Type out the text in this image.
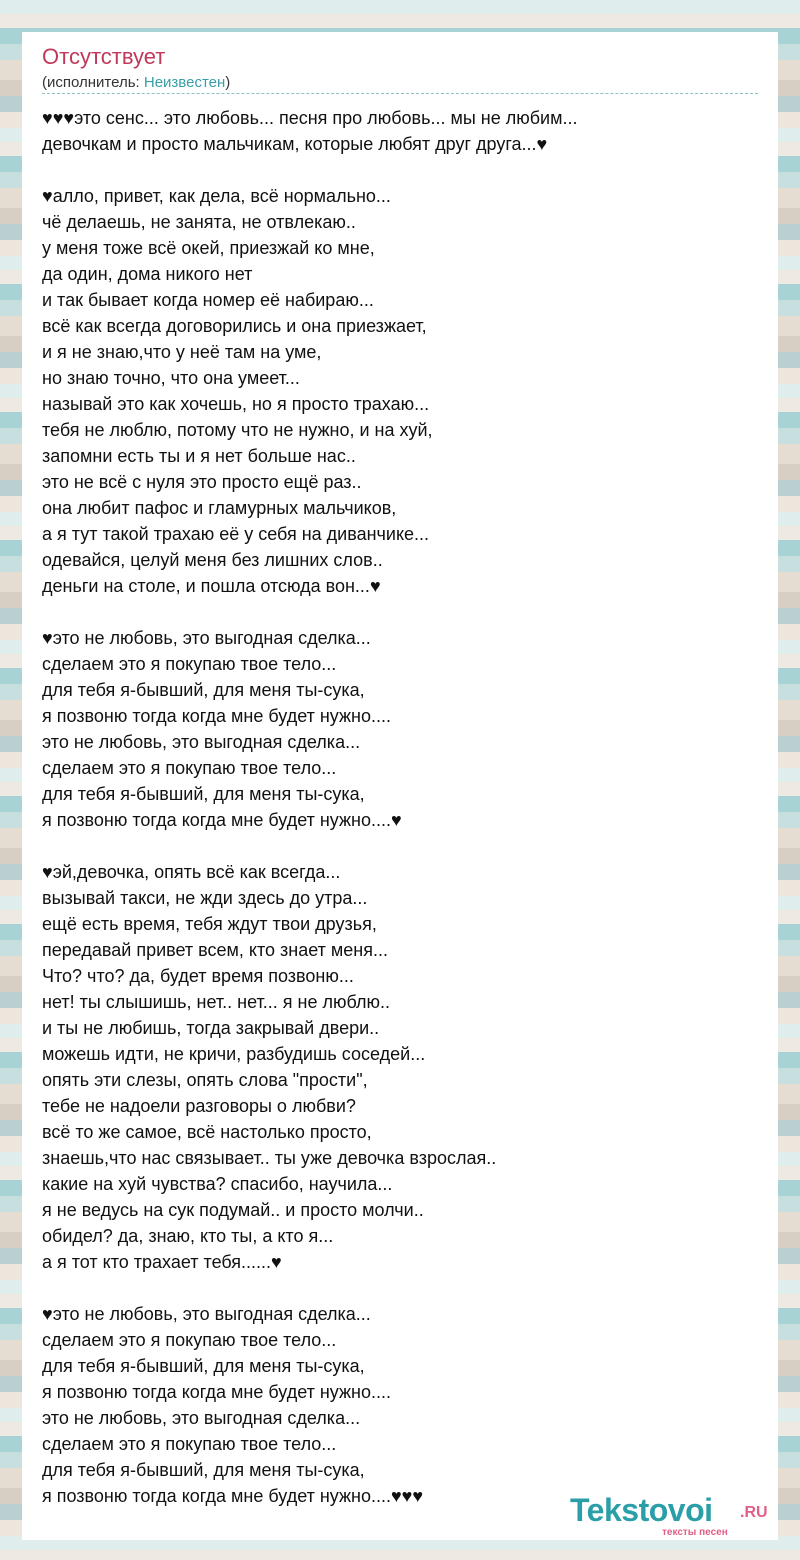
Отсутствует
(исполнитель: Неизвестен)
♥♥♥это сенс... это любовь... песня про любовь... мы не любим...
девочкам и просто мальчикам, которые любят друг друга...♥
♥алло, привет, как дела, всё нормально...
чё делаешь, не занята, не отвлекаю..
у меня тоже всё окей, приезжай ко мне,
да один, дома никого нет
и так бывает когда номер её набираю...
всё как всегда договорились и она приезжает,
и я не знаю,что у неё там на уме,
но знаю точно, что она умеет...
называй это как хочешь, но я просто трахаю...
тебя не люблю, потому что не нужно, и на хуй,
запомни есть ты и я нет больше нас..
это не всё с нуля это просто ещё раз..
она любит пафос и гламурных мальчиков,
а я тут такой трахаю её у себя на диванчике...
одевайся, целуй меня без лишних слов..
деньги на столе, и пошла отсюда вон...♥
♥это не любовь, это выгодная сделка...
сделаем это я покупаю твое тело...
для тебя я-бывший, для меня ты-сука,
я позвоню тогда когда мне будет нужно....
это не любовь, это выгодная сделка...
сделаем это я покупаю твое тело...
для тебя я-бывший, для меня ты-сука,
я позвоню тогда когда мне будет нужно....♥
♥эй,девочка, опять всё как всегда...
вызывай такси, не жди здесь до утра...
ещё есть время, тебя ждут твои друзья,
передавай привет всем, кто знает меня...
Что? что? да, будет время позвоню...
нет! ты слышишь, нет.. нет... я не люблю..
и ты не любишь, тогда закрывай двери..
можешь идти, не кричи, разбудишь соседей...
опять эти слезы, опять слова "прости",
тебе не надоели разговоры о любви?
всё то же самое, всё настолько просто,
знаешь,что нас связывает.. ты уже девочка взрослая..
какие на хуй чувства? спасибо, научила...
я не ведусь на сук подумай.. и просто молчи..
обидел? да, знаю, кто ты, а кто я...
а я тот кто трахает тебя......♥
♥это не любовь, это выгодная сделка...
сделаем это я покупаю твое тело...
для тебя я-бывший, для меня ты-сука,
я позвоню тогда когда мне будет нужно....
это не любовь, это выгодная сделка...
сделаем это я покупаю твое тело...
для тебя я-бывший, для меня ты-сука,
я позвоню тогда когда мне будет нужно....♥♥♥	Tekstovoi .RU
тексты песен
